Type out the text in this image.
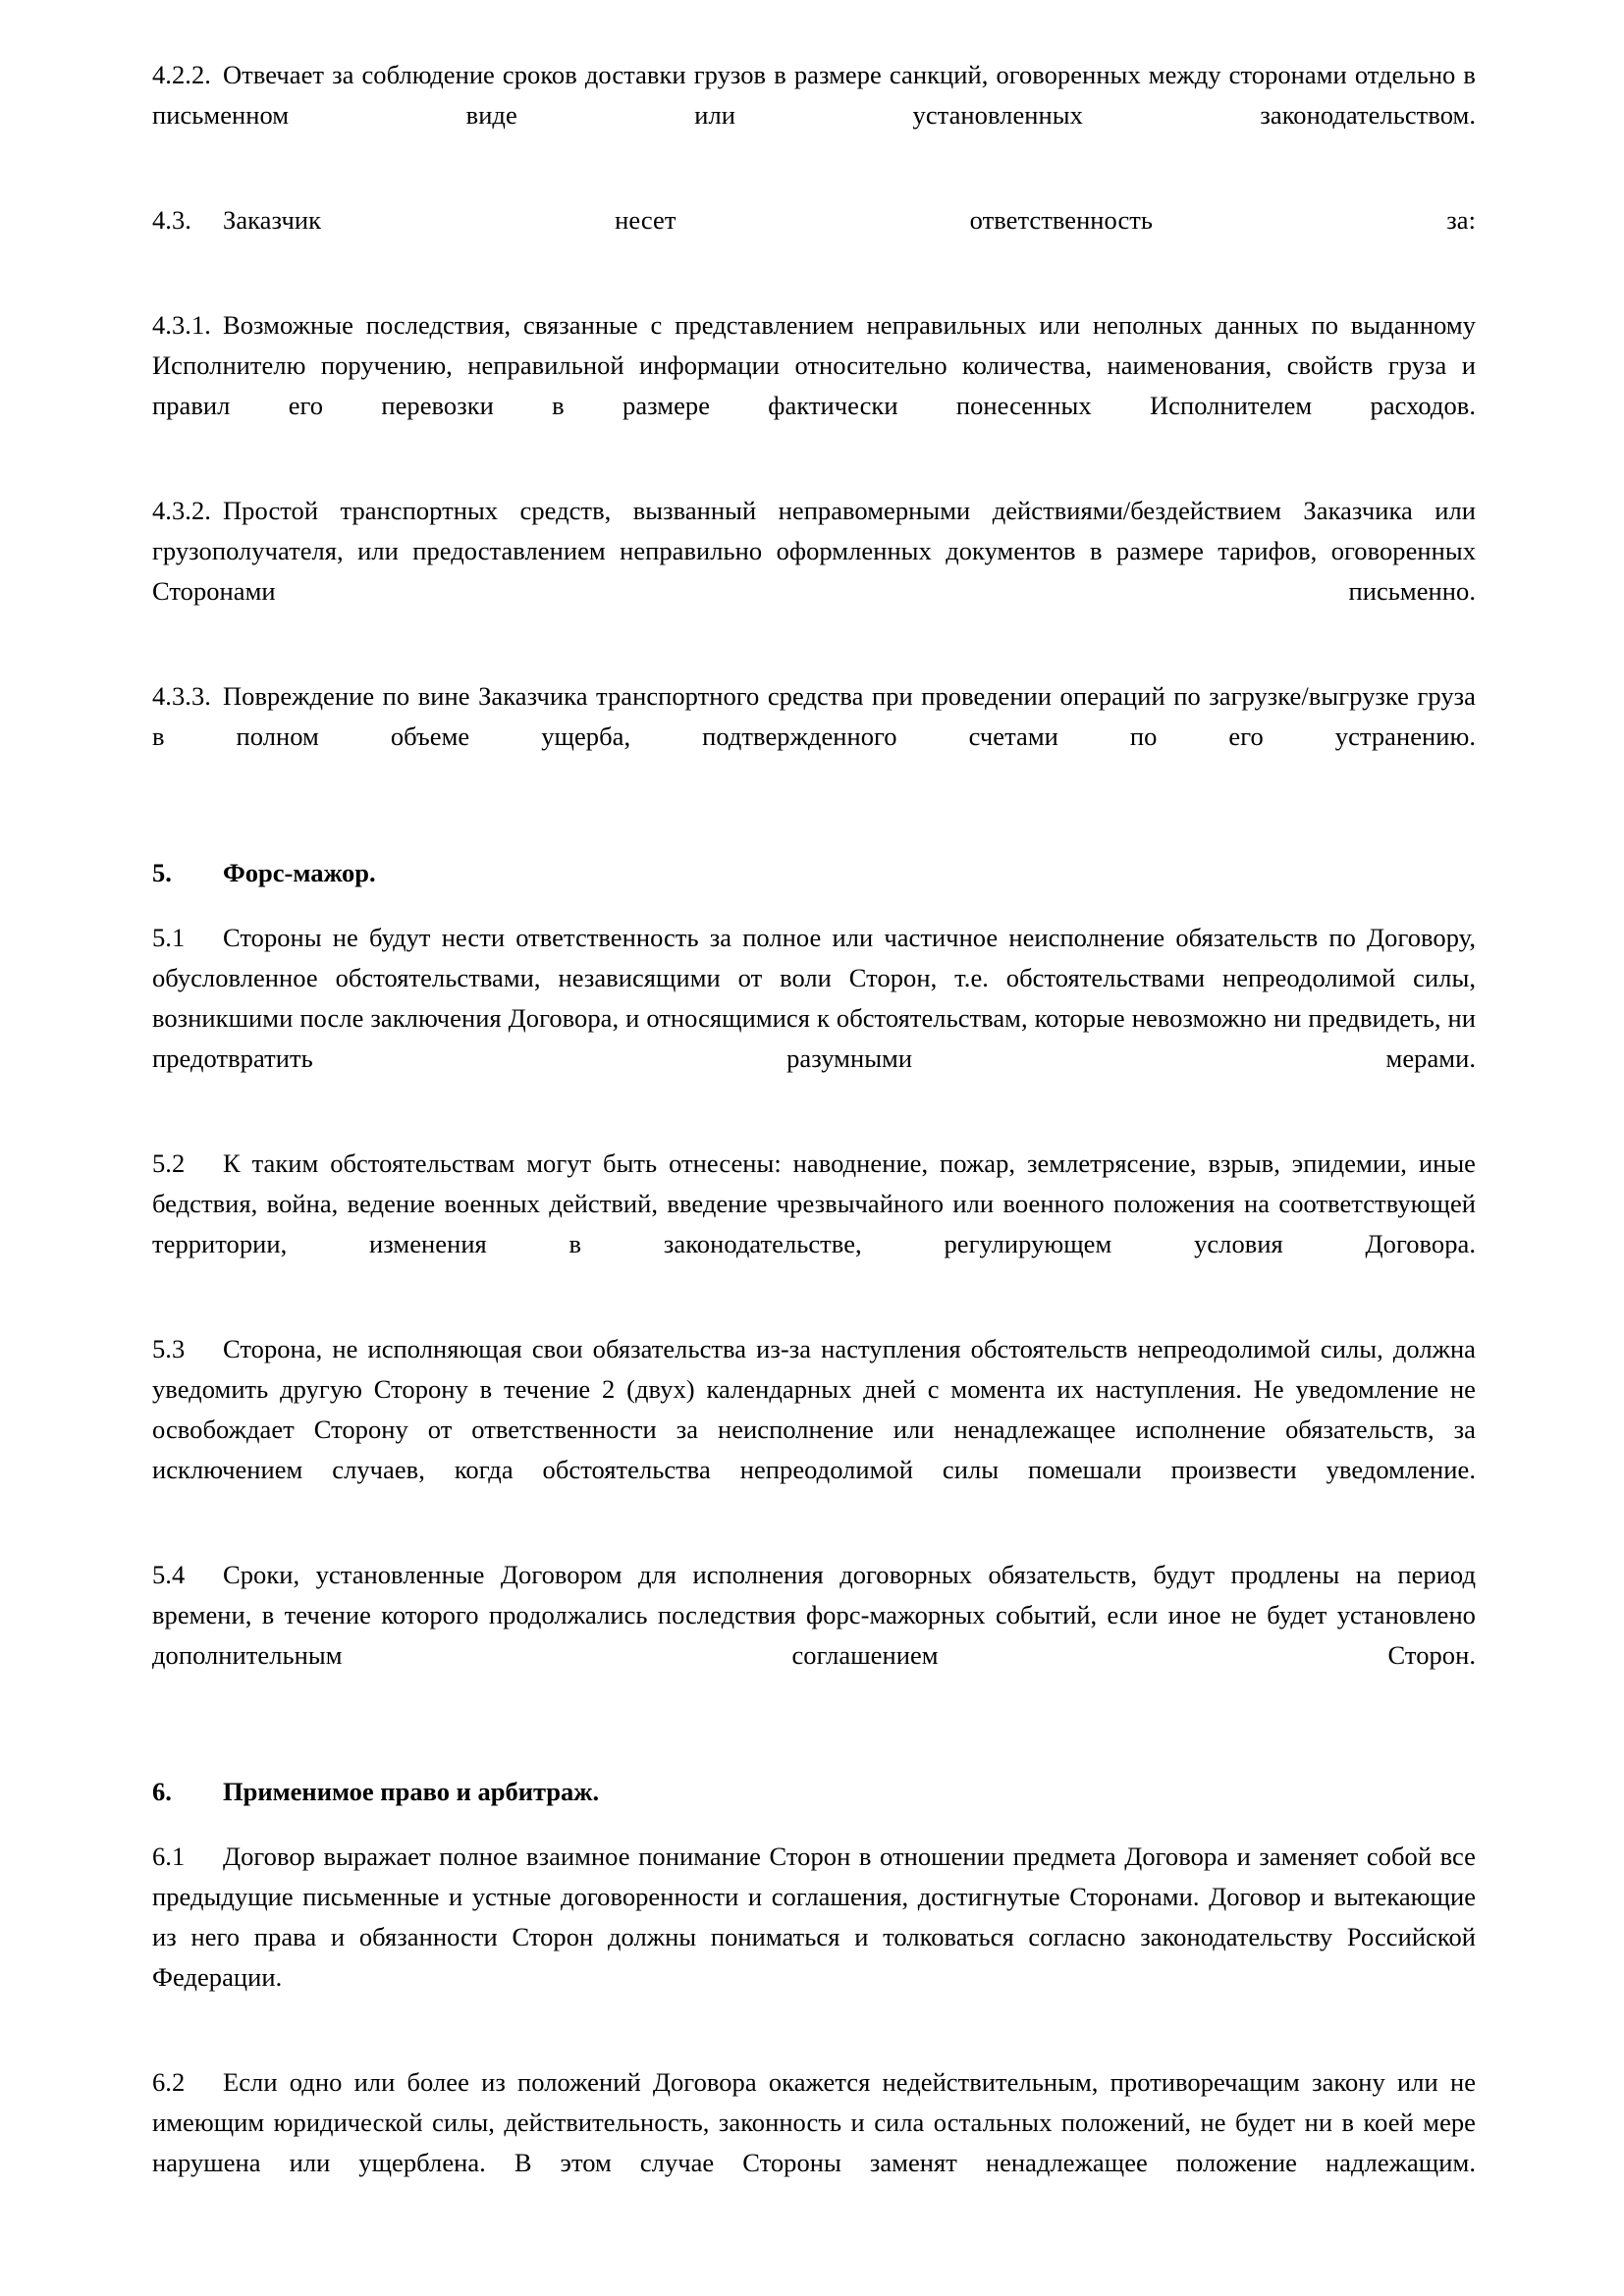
4.2.2. Отвечает за соблюдение сроков доставки грузов в размере санкций, оговоренных между сторонами отдельно в письменном виде или установленных законодательством.

4.3. Заказчик несет ответственность за:

4.3.1. Возможные последствия, связанные с представлением неправильных или неполных данных по выданному Исполнителю поручению, неправильной информации относительно количества, наименования, свойств груза и правил его перевозки в размере фактически понесенных Исполнителем расходов.

4.3.2. Простой транспортных средств, вызванный неправомерными действиями/бездействием Заказчика или грузополучателя, или предоставлением неправильно оформленных документов в размере тарифов, оговоренных Сторонами письменно.

4.3.3. Повреждение по вине Заказчика транспортного средства при проведении операций по загрузке/выгрузке груза в полном объеме ущерба, подтвержденного счетами по его устранению.

5. Форс-мажор.

5.1 Стороны не будут нести ответственность за полное или частичное неисполнение обязательств по Договору, обусловленное обстоятельствами, независящими от воли Сторон, т.е. обстоятельствами непреодолимой силы, возникшими после заключения Договора, и относящимися к обстоятельствам, которые невозможно ни предвидеть, ни предотвратить разумными мерами.

5.2 К таким обстоятельствам могут быть отнесены: наводнение, пожар, землетрясение, взрыв, эпидемии, иные бедствия, война, ведение военных действий, введение чрезвычайного или военного положения на соответствующей территории, изменения в законодательстве, регулирующем условия Договора.

5.3 Сторона, не исполняющая свои обязательства из-за наступления обстоятельств непреодолимой силы, должна уведомить другую Сторону в течение 2 (двух) календарных дней с момента их наступления. Не уведомление не освобождает Сторону от ответственности за неисполнение или ненадлежащее исполнение обязательств, за исключением случаев, когда обстоятельства непреодолимой силы помешали произвести уведомление.

5.4 Сроки, установленные Договором для исполнения договорных обязательств, будут продлены на период времени, в течение которого продолжались последствия форс-мажорных событий, если иное не будет установлено дополнительным соглашением Сторон.

6. Применимое право и арбитраж.

6.1 Договор выражает полное взаимное понимание Сторон в отношении предмета Договора и заменяет собой все предыдущие письменные и устные договоренности и соглашения, достигнутые Сторонами. Договор и вытекающие из него права и обязанности Сторон должны пониматься и толковаться согласно законодательству Российской Федерации.

6.2 Если одно или более из положений Договора окажется недействительным, противоречащим закону или не имеющим юридической силы, действительность, законность и сила остальных положений, не будет ни в коей мере нарушена или ущерблена. В этом случае Стороны заменят ненадлежащее положение надлежащим.
